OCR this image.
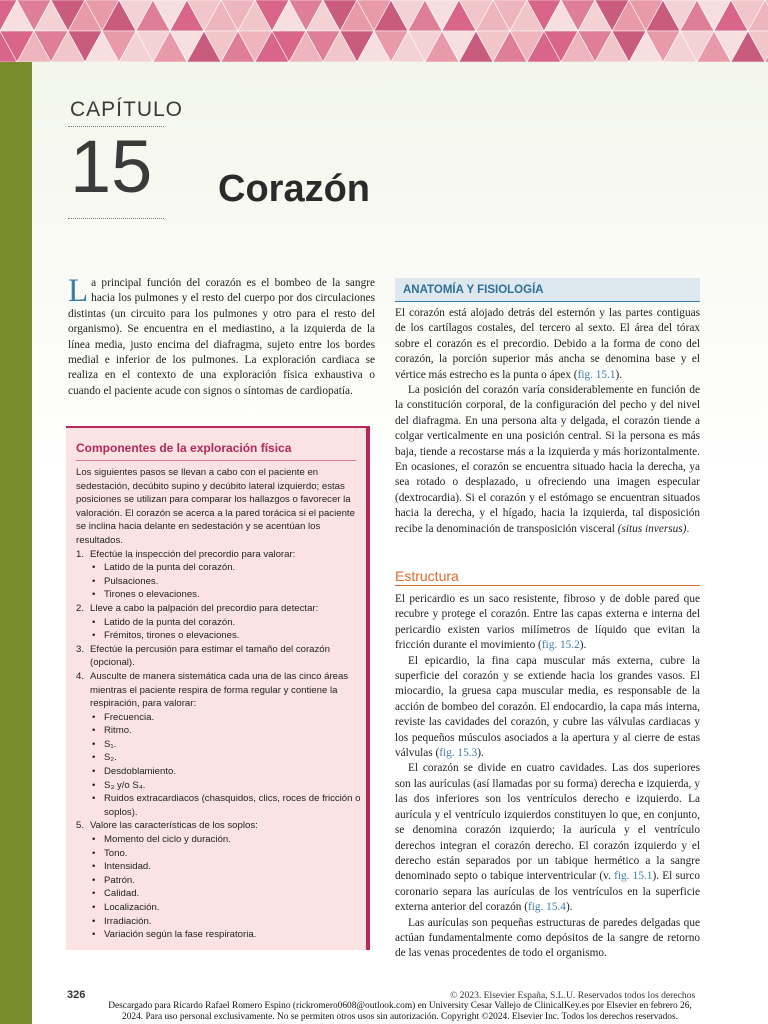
CAPÍTULO
15 Corazón

La principal función del corazón es el bombeo de la sangre hacia los pulmones y el resto del cuerpo por dos circulaciones distintas (un circuito para los pulmones y otro para el resto del organismo). Se encuentra en el mediastino, a la izquierda de la línea media, justo encima del diafragma, sujeto entre los bordes medial e inferior de los pulmones. La exploración cardiaca se realiza en el contexto de una exploración física exhaustiva o cuando el paciente acude con signos o síntomas de cardiopatía.

Componentes de la exploración física

Los siguientes pasos se llevan a cabo con el paciente en sedestación, decúbito supino y decúbito lateral izquierdo; estas posiciones se utilizan para comparar los hallazgos o favorecer la valoración. El corazón se acerca a la pared torácica si el paciente se inclina hacia delante en sedestación y se acentúan los resultados.

1. Efectúe la inspección del precordio para valorar:

• Latido de la punta del corazón.

• Pulsaciones.

• Tirones o elevaciones.

2. Lleve a cabo la palpación del precordio para detectar:

• Latido de la punta del corazón.

• Frémitos, tirones o elevaciones.

3. Efectúe la percusión para estimar el tamaño del corazón (opcional).

4. Ausculte de manera sistemática cada una de las cinco áreas mientras el paciente respira de forma regular y contiene la respiración, para valorar:

• Frecuencia.

• Ritmo.

• S₁.

• S₂.

• Desdoblamiento.

• S₃ y/o S₄.

• Ruidos extracardiacos (chasquidos, clics, roces de fricción o soplos).

5. Valore las características de los soplos:

• Momento del ciclo y duración.

• Tono.

• Intensidad.

• Patrón.

• Calidad.

• Localización.

• Irradiación.

• Variación según la fase respiratoria.

ANATOMÍA Y FISIOLOGÍA

El corazón está alojado detrás del esternón y las partes contiguas de los cartílagos costales, del tercero al sexto. El área del tórax sobre el corazón es el precordio. Debido a la forma de cono del corazón, la porción superior más ancha se denomina base y el vértice más estrecho es la punta o ápex (fig. 15.1).

La posición del corazón varía considerablemente en función de la constitución corporal, de la configuración del pecho y del nivel del diafragma. En una persona alta y delgada, el corazón tiende a colgar verticalmente en una posición central. Si la persona es más baja, tiende a recostarse más a la izquierda y más horizontalmente. En ocasiones, el corazón se encuentra situado hacia la derecha, ya sea rotado o desplazado, u ofreciendo una imagen especular (dextrocardia). Si el corazón y el estómago se encuentran situados hacia la derecha, y el hígado, hacia la izquierda, tal disposición recibe la denominación de transposición visceral (situs inversus).

Estructura

El pericardio es un saco resistente, fibroso y de doble pared que recubre y protege el corazón. Entre las capas externa e interna del pericardio existen varios milímetros de líquido que evitan la fricción durante el movimiento (fig. 15.2).

El epicardio, la fina capa muscular más externa, cubre la superficie del corazón y se extiende hacia los grandes vasos. El miocardio, la gruesa capa muscular media, es responsable de la acción de bombeo del corazón. El endocardio, la capa más interna, reviste las cavidades del corazón, y cubre las válvulas cardiacas y los pequeños músculos asociados a la apertura y al cierre de estas válvulas (fig. 15.3).

El corazón se divide en cuatro cavidades. Las dos superiores son las aurículas (así llamadas por su forma) derecha e izquierda, y las dos inferiores son los ventrículos derecho e izquierdo. La aurícula y el ventrículo izquierdos constituyen lo que, en conjunto, se denomina corazón izquierdo; la aurícula y el ventrículo derechos integran el corazón derecho. El corazón izquierdo y el derecho están separados por un tabique hermético a la sangre denominado septo o tabique interventricular (v. fig. 15.1). El surco coronario separa las aurículas de los ventrículos en la superficie externa anterior del corazón (fig. 15.4).

Las aurículas son pequeñas estructuras de paredes delgadas que actúan fundamentalmente como depósitos de la sangre de retorno de las venas procedentes de todo el organismo.

326	© 2023. Elsevier España, S.L.U. Reservados todos los derechos
Descargado para Ricardo Rafael Romero Espino (rickromero0608@outlook.com) en University Cesar Vallejo de ClinicalKey.es por Elsevier en febrero 26,
2024. Para uso personal exclusivamente. No se permiten otros usos sin autorización. Copyright ©2024. Elsevier Inc. Todos los derechos reservados.
